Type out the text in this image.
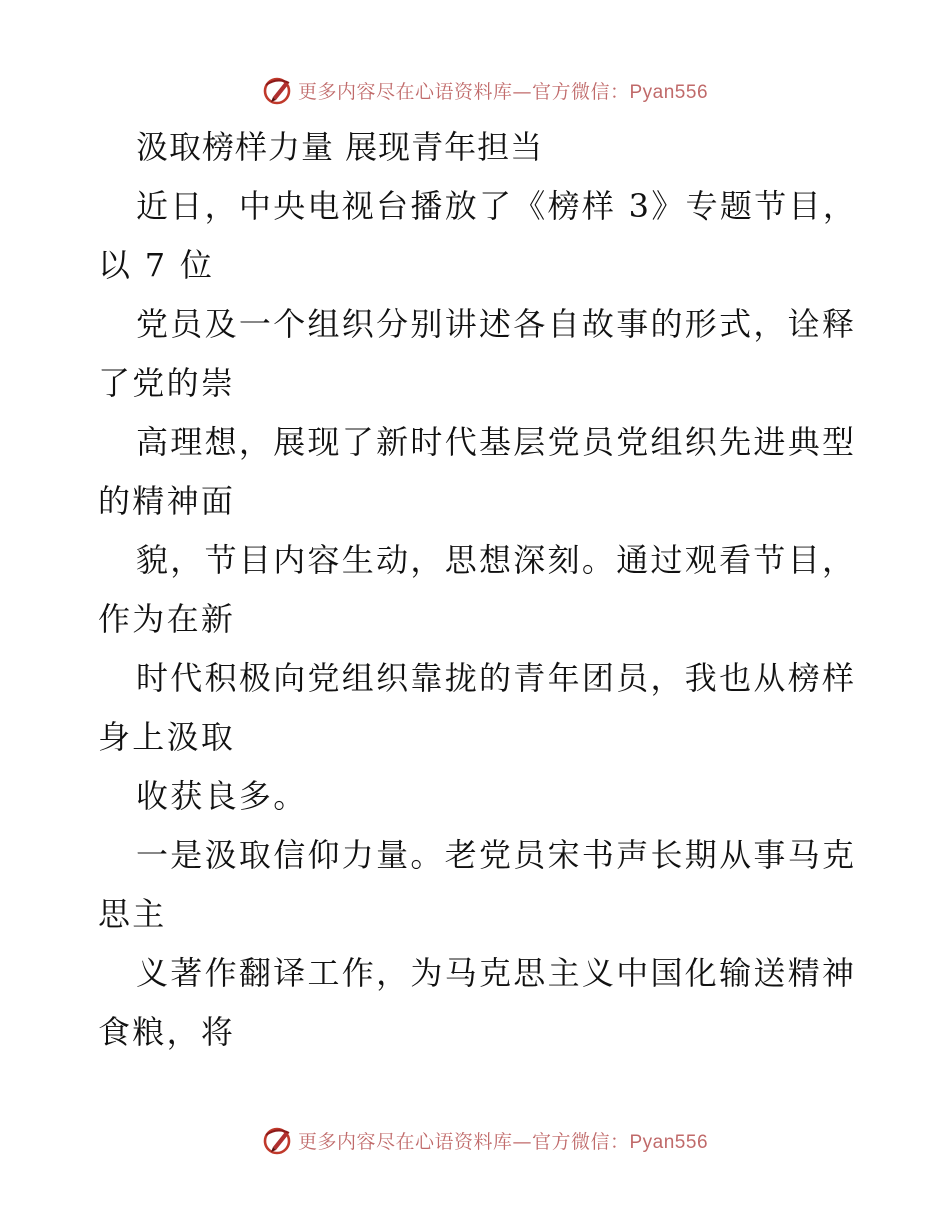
更多内容尽在心语资料库—官方微信：Pyan556
汲取榜样力量 展现青年担当
近日，中央电视台播放了《榜样 3》专题节目，
以 7 位
党员及一个组织分别讲述各自故事的形式，诠释
了党的崇
高理想，展现了新时代基层党员党组织先进典型
的精神面
貌，节目内容生动，思想深刻。通过观看节目，
作为在新
时代积极向党组织靠拢的青年团员，我也从榜样
身上汲取
收获良多。
一是汲取信仰力量。老党员宋书声长期从事马克
思主
义著作翻译工作，为马克思主义中国化输送精神
食粮，将
更多内容尽在心语资料库—官方微信：Pyan556
